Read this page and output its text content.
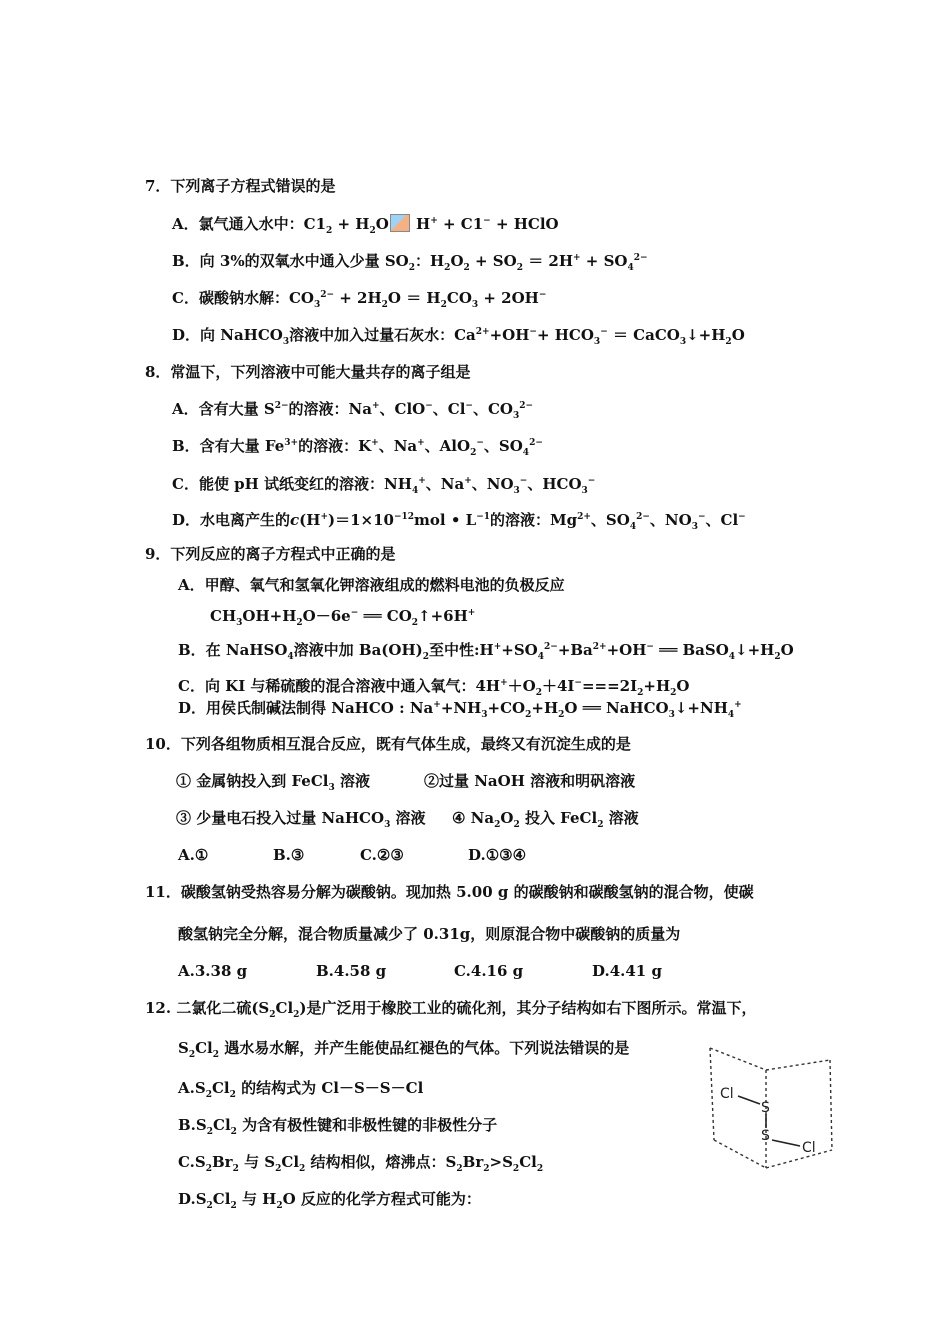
7．下列离子方程式错误的是
A．氯气通入水中：$C1_2 + H_2O$ H+ + C1− + HClO
B．向 3%的双氧水中通入少量 $SO_2$：$H_2O_2 + SO_2 = 2H^+ + SO_4^{2-}$
C．碳酸钠水解：$CO_3^{2-} + 2H_2O = H_2CO_3 + 2OH^-$
D．向 NaHCO$_3$溶液中加入过量石灰水：$Ca^{2+}+OH^-+ HCO_3^-$ ＝ $CaCO_3↓+H_2O$
8．常温下，下列溶液中可能大量共存的离子组是
A．含有大量 $S^{2-}$的溶液：Na+、ClO−、Cl−、$CO_3^{2-}$
B．含有大量 $Fe^{3+}$的溶液：K+、Na+、AlO$_2$−、$SO_4^{2-}$
C．能使 pH 试纸变红的溶液：$NH_4^+$、Na+、$NO_3^-$、$HCO_3^-$
D．水电离产生的$c(H^+)=1\times 10^{-12}mol$ • $L^{-1}$的溶液：$Mg^{2+}$、$SO_4^{2-}$、$NO_3^-$、Cl−
9．下列反应的离子方程式中正确的是
A．甲醇、氧气和氢氧化钾溶液组成的燃料电池的负极反应
$CH_3OH+H_2O-6e^-$ ══ $CO_2↑+6H^+$
B．在 NaHSO$_4$溶液中加 $Ba(OH)_2$至中性$:H^++SO_4^{2-}+Ba^{2+}+OH^-$ ══ $BaSO_4↓+H_2O$
C．向 KI 与稀硫酸的混合溶液中通入氧气：$4H^++O_2+4I^-===2I_2+H_2O$
D．用侯氏制碱法制得 NaHCO : $Na^++NH_3+CO_2+H_2O$ ══ $NaHCO_3↓+NH_4^+$
10．下列各组物质相互混合反应，既有气体生成，最终又有沉淀生成的是
① 金属钠投入到 FeCl$_3$ 溶液	②过量 NaOH 溶液和明矾溶液
③ 少量电石投入过量 NaHCO$_3$ 溶液 ④ $Na_2O_2$ 投入 FeCl$_2$ 溶液
A.①	B.③	C.②③	D.①③④
11．碳酸氢钠受热容易分解为碳酸钠。现加热 5.00 g 的碳酸钠和碳酸氢钠的混合物，使碳
酸氢钠完全分解，混合物质量减少了 0.31g，则原混合物中碳酸钠的质量为
A.3.38 g	B.4.58 g	C.4.16 g	D.4.41 g
12. 二氯化二硫$(S_2Cl_2)$是广泛用于橡胶工业的硫化剂，其分子结构如右下图所示。常温下，
$S_2Cl_2$ 遇水易水解，并产生能使品红褪色的气体。下列说法错误的是
$A.S_2Cl_2$ 的结构式为 Cl－S－S－Cl
$B.S_2Cl_2$ 为含有极性键和非极性键的非极性分子
$C.S_2Br_2$ 与 $S_2Cl_2$ 结构相似，熔沸点：$S_2Br_2>S_2Cl_2$
$D.S_2Cl_2$ 与 $H_2O$ 反应的化学方程式可能为：
Cl
S
S
Cl
